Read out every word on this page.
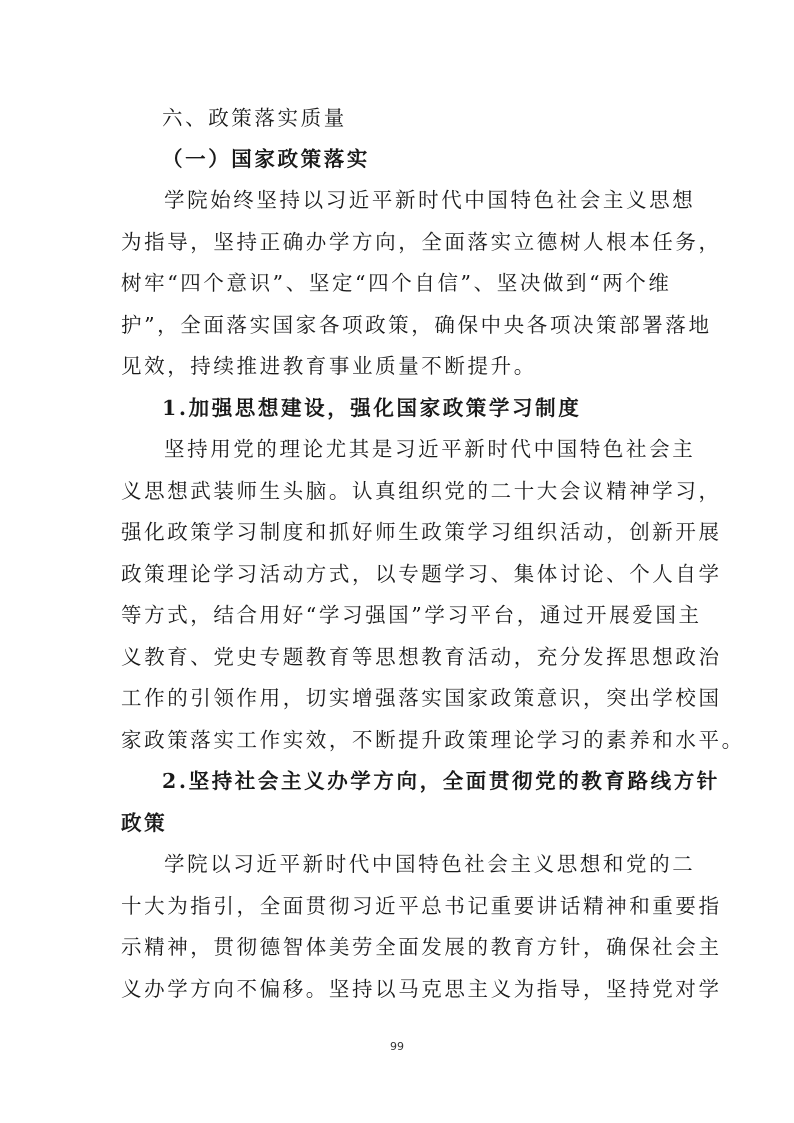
六、政策落实质量
（一）国家政策落实
学院始终坚持以习近平新时代中国特色社会主义思想
为指导，坚持正确办学方向，全面落实立德树人根本任务，
树牢“四个意识”、坚定“四个自信”、坚决做到“两个维
护”，全面落实国家各项政策，确保中央各项决策部署落地
见效，持续推进教育事业质量不断提升。
1.加强思想建设，强化国家政策学习制度
坚持用党的理论尤其是习近平新时代中国特色社会主
义思想武装师生头脑。认真组织党的二十大会议精神学习，
强化政策学习制度和抓好师生政策学习组织活动，创新开展
政策理论学习活动方式，以专题学习、集体讨论、个人自学
等方式，结合用好“学习强国”学习平台，通过开展爱国主
义教育、党史专题教育等思想教育活动，充分发挥思想政治
工作的引领作用，切实增强落实国家政策意识，突出学校国
家政策落实工作实效，不断提升政策理论学习的素养和水平。
2.坚持社会主义办学方向，全面贯彻党的教育路线方针
政策
学院以习近平新时代中国特色社会主义思想和党的二
十大为指引，全面贯彻习近平总书记重要讲话精神和重要指
示精神，贯彻德智体美劳全面发展的教育方针，确保社会主
义办学方向不偏移。坚持以马克思主义为指导，坚持党对学
99
